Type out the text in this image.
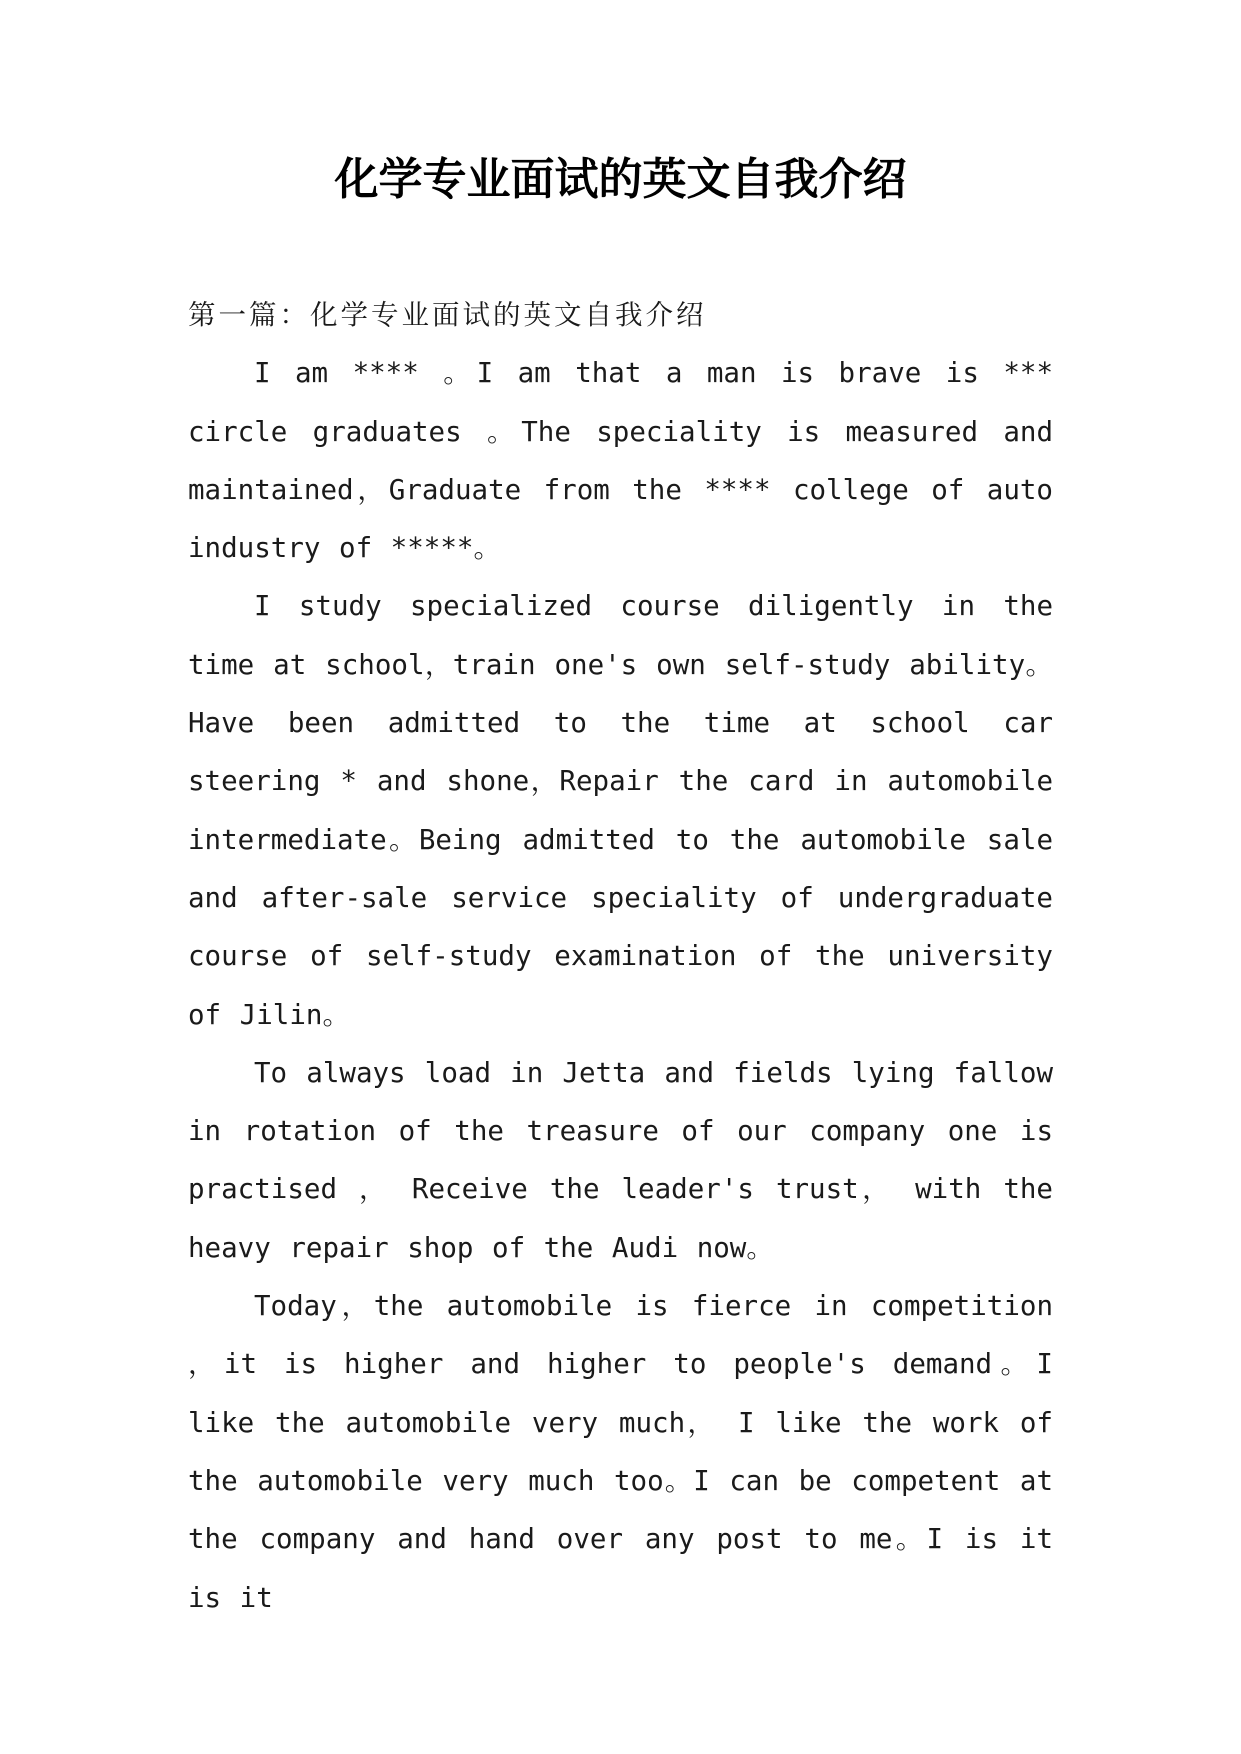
化学专业面试的英文自我介绍

第一篇：化学专业面试的英文自我介绍

I am **** 。I am that a man is brave is *** circle graduates 。The speciality is measured and maintained，Graduate from the **** college of auto industry of *****。

I study specialized course diligently in the time at school，train one's own self-study ability。Have been admitted to the time at school car steering * and shone，Repair the card in automobile intermediate。Being admitted to the automobile sale and after-sale service speciality of undergraduate course of self-study examination of the university of Jilin。

To always load in Jetta and fields lying fallow in rotation of the treasure of our company one is practised ， Receive the leader's trust， with the heavy repair shop of the Audi now。

Today，the automobile is fierce in competition ，it is higher and higher to people's demand。I like the automobile very much， I like the work of the automobile very much too。I can be competent at the company and hand over any post to me。I is it is it
